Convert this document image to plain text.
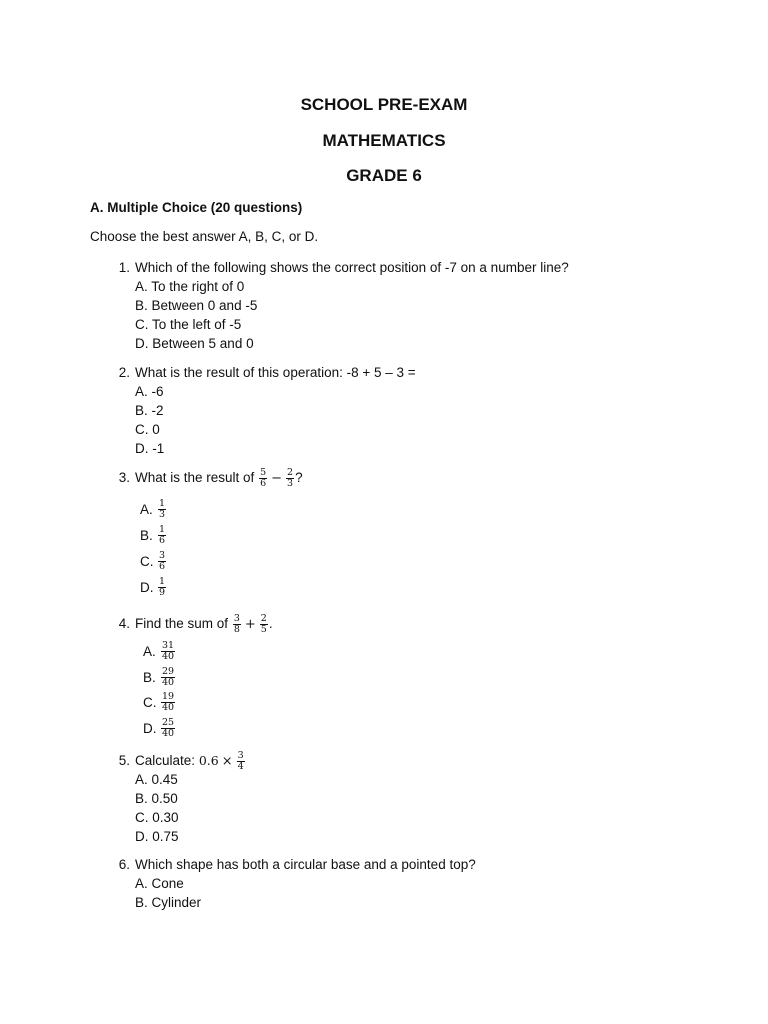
SCHOOL PRE-EXAM
MATHEMATICS
GRADE 6

A. Multiple Choice (20 questions)

Choose the best answer A, B, C, or D.

1. Which of the following shows the correct position of -7 on a number line?
A. To the right of 0
B. Between 0 and -5
C. To the left of -5
D. Between 5 and 0
2. What is the result of this operation: -8 + 5 – 3 =
A. -6
B. -2
C. 0
D. -1
3. What is the result of $\frac{5}{6} - \frac{2}{3}$ ?
A. $\frac{1}{3}$
B. $\frac{1}{6}$
C. $\frac{3}{6}$
D. $\frac{1}{9}$
4. Find the sum of $\frac{3}{8} + \frac{2}{5}$ .
A. $\frac{31}{40}$
B. $\frac{29}{40}$
C. $\frac{19}{40}$
D. $\frac{25}{40}$
5. Calculate: $0.6 \times \frac{3}{4}$
A. 0.45
B. 0.50
C. 0.30
D. 0.75
6. Which shape has both a circular base and a pointed top?
A. Cone
B. Cylinder
